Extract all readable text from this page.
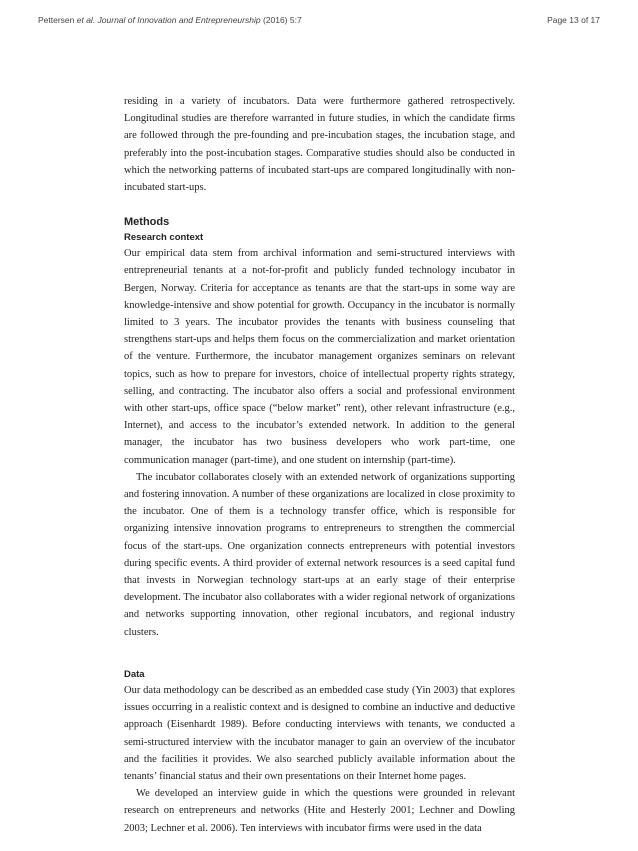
Pettersen et al. Journal of Innovation and Entrepreneurship (2016) 5:7	Page 13 of 17

residing in a variety of incubators. Data were furthermore gathered retrospectively. Longitudinal studies are therefore warranted in future studies, in which the candidate firms are followed through the pre-founding and pre-incubation stages, the incubation stage, and preferably into the post-incubation stages. Comparative studies should also be conducted in which the networking patterns of incubated start-ups are compared longitudinally with non-incubated start-ups.

Methods
Research context

Our empirical data stem from archival information and semi-structured interviews with entrepreneurial tenants at a not-for-profit and publicly funded technology incubator in Bergen, Norway. Criteria for acceptance as tenants are that the start-ups in some way are knowledge-intensive and show potential for growth. Occupancy in the incubator is normally limited to 3 years. The incubator provides the tenants with business counseling that strengthens start-ups and helps them focus on the commercialization and market orientation of the venture. Furthermore, the incubator management organizes seminars on relevant topics, such as how to prepare for investors, choice of intellectual property rights strategy, selling, and contracting. The incubator also offers a social and professional environment with other start-ups, office space (“below market” rent), other relevant infrastructure (e.g., Internet), and access to the incubator’s extended network. In addition to the general manager, the incubator has two business developers who work part-time, one communication manager (part-time), and one student on internship (part-time).

The incubator collaborates closely with an extended network of organizations supporting and fostering innovation. A number of these organizations are localized in close proximity to the incubator. One of them is a technology transfer office, which is responsible for organizing intensive innovation programs to entrepreneurs to strengthen the commercial focus of the start-ups. One organization connects entrepreneurs with potential investors during specific events. A third provider of external network resources is a seed capital fund that invests in Norwegian technology start-ups at an early stage of their enterprise development. The incubator also collaborates with a wider regional network of organizations and networks supporting innovation, other regional incubators, and regional industry clusters.

Data

Our data methodology can be described as an embedded case study (Yin 2003) that explores issues occurring in a realistic context and is designed to combine an inductive and deductive approach (Eisenhardt 1989). Before conducting interviews with tenants, we conducted a semi-structured interview with the incubator manager to gain an overview of the incubator and the facilities it provides. We also searched publicly available information about the tenants’ financial status and their own presentations on their Internet home pages.

We developed an interview guide in which the questions were grounded in relevant research on entrepreneurs and networks (Hite and Hesterly 2001; Lechner and Dowling 2003; Lechner et al. 2006). Ten interviews with incubator firms were used in the data
